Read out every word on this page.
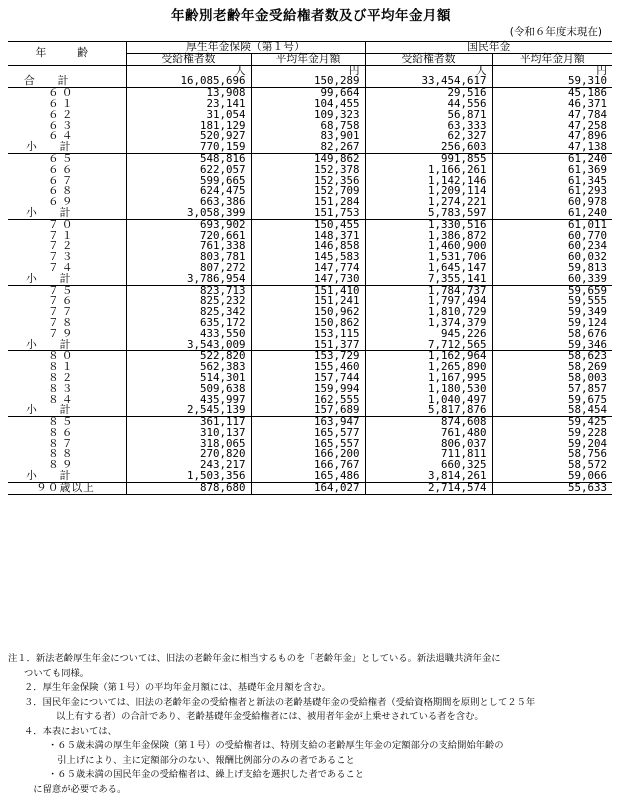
年齢別老齢年金受給権者数及び平均年金月額
(令和６年度末現在)
年　齢	厚生年金保険（第１号）		国民年金	
	受給権者数	平均年金月額	受給権者数	平均年金月額
	人	円	人	円
合　計	16,085,696	150,289	33,454,617	59,310
６０	13,908	99,664	29,516	45,186
６１	23,141	104,455	44,556	46,371
６２	31,054	109,323	56,871	47,784
６３	181,129	68,758	63,333	47,258
６４	520,927	83,901	62,327	47,896
小　計	770,159	82,267	256,603	47,138
６５	548,816	149,862	991,855	61,240
６６	622,057	152,378	1,166,261	61,369
６７	599,665	152,356	1,142,146	61,345
６８	624,475	152,709	1,209,114	61,293
６９	663,386	151,284	1,274,221	60,978
小　計	3,058,399	151,753	5,783,597	61,240
７０	693,902	150,455	1,330,516	61,011
７１	720,661	148,371	1,386,872	60,770
７２	761,338	146,858	1,460,900	60,234
７３	803,781	145,583	1,531,706	60,032
７４	807,272	147,774	1,645,147	59,813
小　計	3,786,954	147,730	7,355,141	60,339
７５	823,713	151,410	1,784,737	59,659
７６	825,232	151,241	1,797,494	59,555
７７	825,342	150,962	1,810,729	59,349
７８	635,172	150,862	1,374,379	59,124
７９	433,550	153,115	945,226	58,676
小　計	3,543,009	151,377	7,712,565	59,346
８０	522,820	153,729	1,162,964	58,623
８１	562,383	155,460	1,265,890	58,269
８２	514,301	157,744	1,167,995	58,003
８３	509,638	159,994	1,180,530	57,857
８４	435,997	162,555	1,040,497	59,675
小　計	2,545,139	157,689	5,817,876	58,454
８５	361,117	163,947	874,608	59,425
８６	310,137	165,577	761,480	59,228
８７	318,065	165,557	806,037	59,204
８８	270,820	166,200	711,811	58,756
８９	243,217	166,767	660,325	58,572
小　計	1,503,356	165,486	3,814,261	59,066
９０歳以上	878,680	164,027	2,714,574	55,633
注１．新法老齢厚生年金については、旧法の老齢年金に相当するものを「老齢年金」としている。新法退職共済年金に
ついても同様。
２．厚生年金保険（第１号）の平均年金月額には、基礎年金月額を含む。
３．国民年金については、旧法の老齢年金の受給権者と新法の老齢基礎年金の受給権者（受給資格期間を原則として２５年
以上有する者）の合計であり、老齢基礎年金受給権者には、被用者年金が上乗せされている者を含む。
４．本表においては、
・６５歳未満の厚生年金保険（第１号）の受給権者は、特別支給の老齢厚生年金の定額部分の支給開始年齢の
　引上げにより、主に定額部分のない、報酬比例部分のみの者であること
・６５歳未満の国民年金の受給権者は、繰上げ支給を選択した者であること
　に留意が必要である。
